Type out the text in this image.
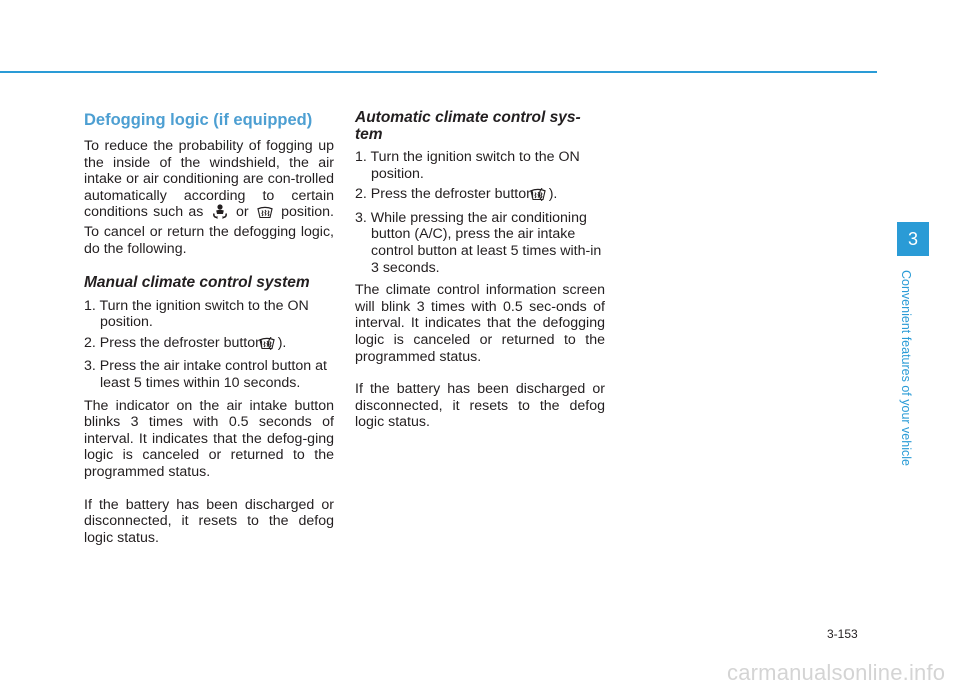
Defogging logic (if equipped)

To reduce the probability of fogging up the inside of the windshield, the air intake or air conditioning are con-trolled automatically according to certain conditions such as or position. To cancel or return the defogging logic, do the following.

Manual climate control system
1. Turn the ignition switch to the ON position.
2. Press the defroster button ( ).
3. Press the air intake control button at least 5 times within 10 seconds.

The indicator on the air intake button blinks 3 times with 0.5 seconds of interval. It indicates that the defog-ging logic is canceled or returned to the programmed status.

If the battery has been discharged or disconnected, it resets to the defog logic status.

Automatic climate control sys-tem
1. Turn the ignition switch to the ON position.
2. Press the defroster button ( ).
3. While pressing the air conditioning button (A/C), press the air intake control button at least 5 times with-in 3 seconds.

The climate control information screen will blink 3 times with 0.5 sec-onds of interval. It indicates that the defogging logic is canceled or returned to the programmed status.

If the battery has been discharged or disconnected, it resets to the defog logic status.

3
Convenient features of your vehicle
3-153
carmanualsonline.info
